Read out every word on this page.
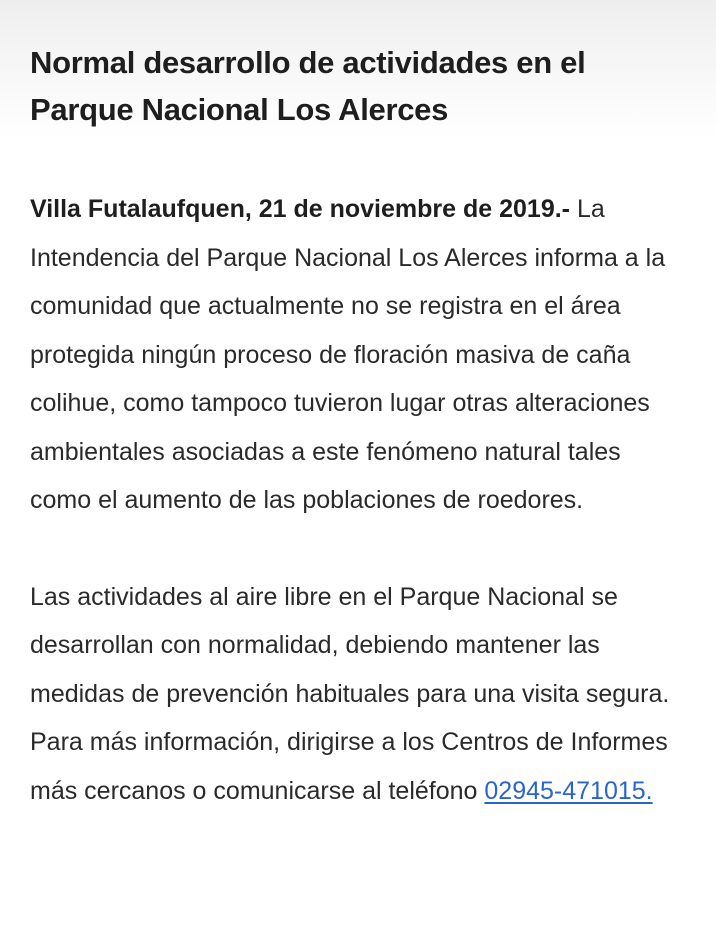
Normal desarrollo de actividades en el Parque Nacional Los Alerces

Villa Futalaufquen, 21 de noviembre de 2019.- La Intendencia del Parque Nacional Los Alerces informa a la comunidad que actualmente no se registra en el área protegida ningún proceso de floración masiva de caña colihue, como tampoco tuvieron lugar otras alteraciones ambientales asociadas a este fenómeno natural tales como el aumento de las poblaciones de roedores.

Las actividades al aire libre en el Parque Nacional se desarrollan con normalidad, debiendo mantener las medidas de prevención habituales para una visita segura. Para más información, dirigirse a los Centros de Informes más cercanos o comunicarse al teléfono 02945-471015.
